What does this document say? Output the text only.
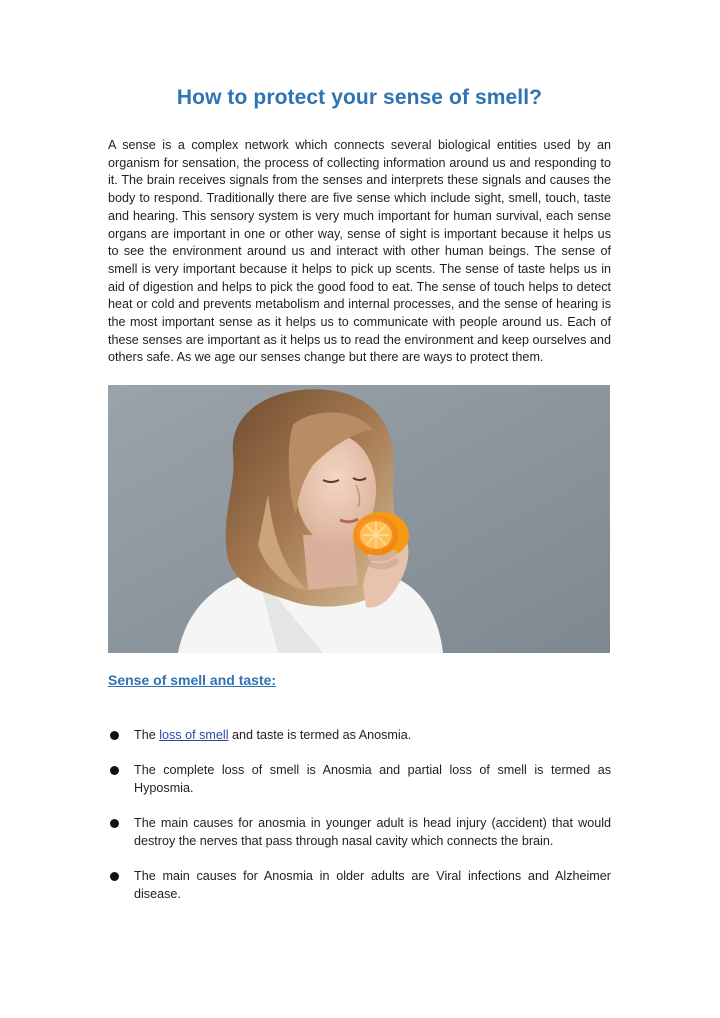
How to protect your sense of smell?

A sense is a complex network which connects several biological entities used by an organism for sensation, the process of collecting information around us and responding to it. The brain receives signals from the senses and interprets these signals and causes the body to respond. Traditionally there are five sense which include sight, smell, touch, taste and hearing. This sensory system is very much important for human survival, each sense organs are important in one or other way, sense of sight is important because it helps us to see the environment around us and interact with other human beings. The sense of smell is very important because it helps to pick up scents. The sense of taste helps us in aid of digestion and helps to pick the good food to eat. The sense of touch helps to detect heat or cold and prevents metabolism and internal processes, and the sense of hearing is the most important sense as it helps us to communicate with people around us. Each of these senses are important as it helps us to read the environment and keep ourselves and others safe. As we age our senses change but there are ways to protect them.

Sense of smell and taste:
The loss of smell and taste is termed as Anosmia.
The complete loss of smell is Anosmia and partial loss of smell is termed as Hyposmia.
The main causes for anosmia in younger adult is head injury (accident) that would destroy the nerves that pass through nasal cavity which connects the brain.
The main causes for Anosmia in older adults are Viral infections and Alzheimer disease.
